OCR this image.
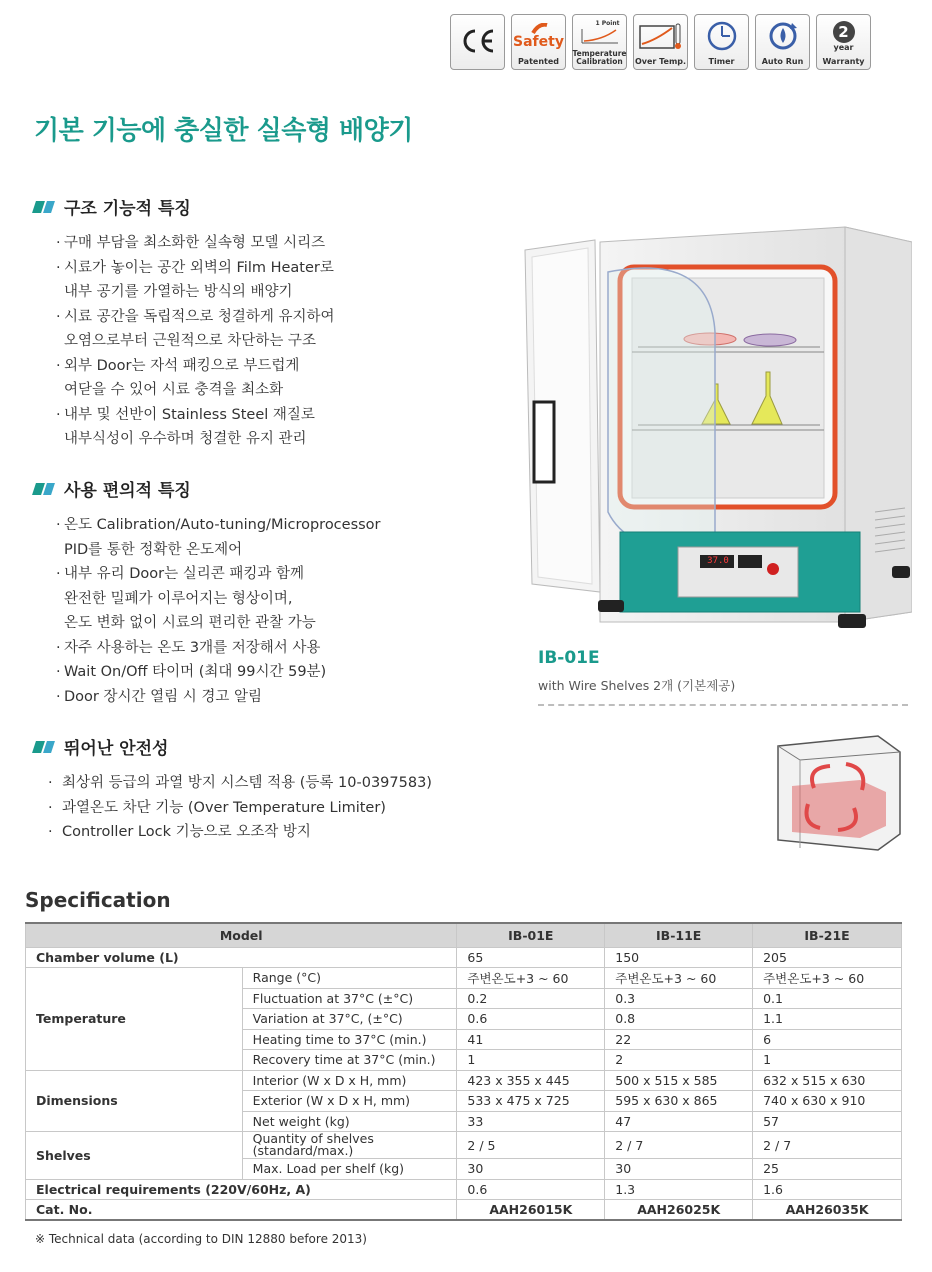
Safety
Patented
1 Point
Temperature Calibration	Over Temp.	Timer	Auto Run
2
year
Warranty
기본 기능에 충실한 실속형 배양기
구조 기능적 특징
· 구매 부담을 최소화한 실속형 모델 시리즈
· 시료가 놓이는 공간 외벽의 Film Heater로
내부 공기를 가열하는 방식의 배양기
· 시료 공간을 독립적으로 청결하게 유지하여
오염으로부터 근원적으로 차단하는 구조
· 외부 Door는 자석 패킹으로 부드럽게
여닫을 수 있어 시료 충격을 최소화
· 내부 및 선반이 Stainless Steel 재질로
내부식성이 우수하며 청결한 유지 관리
사용 편의적 특징
· 온도 Calibration/Auto-tuning/Microprocessor
PID를 통한 정확한 온도제어
· 내부 유리 Door는 실리콘 패킹과 함께
완전한 밀폐가 이루어지는 형상이며,
온도 변화 없이 시료의 편리한 관찰 가능
· 자주 사용하는 온도 3개를 저장해서 사용
· Wait On/Off 타이머 (최대 99시간 59분)
· Door 장시간 열림 시 경고 알림
뛰어난 안전성
· 최상위 등급의 과열 방지 시스템 적용 (등록 10-0397583)
· 과열온도 차단 기능 (Over Temperature Limiter)
· Controller Lock 기능으로 오조작 방지
37.0
IB-01E
with Wire Shelves 2개 (기본제공)
Specification
Model		IB-01E	IB-11E	IB-21E
Chamber volume (L)		65	150	205
Temperature	Range (°C)	주변온도+3 ~ 60	주변온도+3 ~ 60	주변온도+3 ~ 60
	Fluctuation at 37°C (±°C)	0.2	0.3	0.1
	Variation at 37°C, (±°C)	0.6	0.8	1.1
	Heating time to 37°C (min.)	41	22	6
	Recovery time at 37°C (min.)	1	2	1
Dimensions	Interior (W x D x H, mm)	423 x 355 x 445	500 x 515 x 585	632 x 515 x 630
	Exterior (W x D x H, mm)	533 x 475 x 725	595 x 630 x 865	740 x 630 x 910
	Net weight (kg)	33	47	57
Shelves	Quantity of shelves
(standard/max.)	2 / 5	2 / 7	2 / 7
	Max. Load per shelf (kg)	30	30	25
Electrical requirements (220V/60Hz, A)		0.6	1.3	1.6
Cat. No.		AAH26015K	AAH26025K	AAH26035K
※ Technical data (according to DIN 12880 before 2013)
